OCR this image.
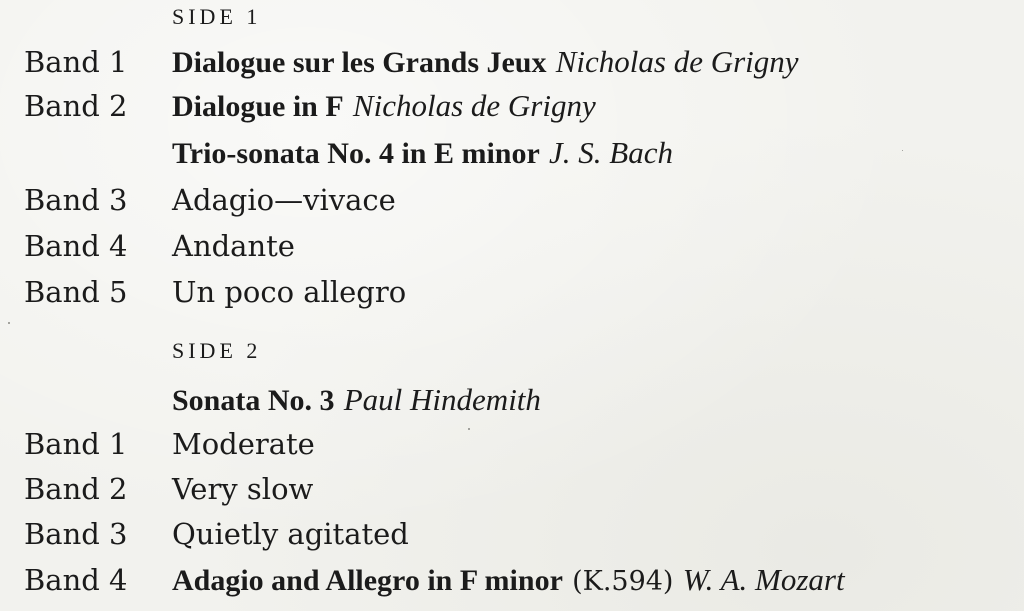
SIDE 1
Band 1 Dialogue sur les Grands Jeux Nicholas de Grigny
Band 2 Dialogue in F Nicholas de Grigny
Trio-sonata No. 4 in E minor J. S. Bach
Band 3 Adagio—vivace
Band 4 Andante
Band 5 Un poco allegro
SIDE 2
Sonata No. 3 Paul Hindemith
Band 1 Moderate
Band 2 Very slow
Band 3 Quietly agitated
Band 4 Adagio and Allegro in F minor (K.594) W. A. Mozart
